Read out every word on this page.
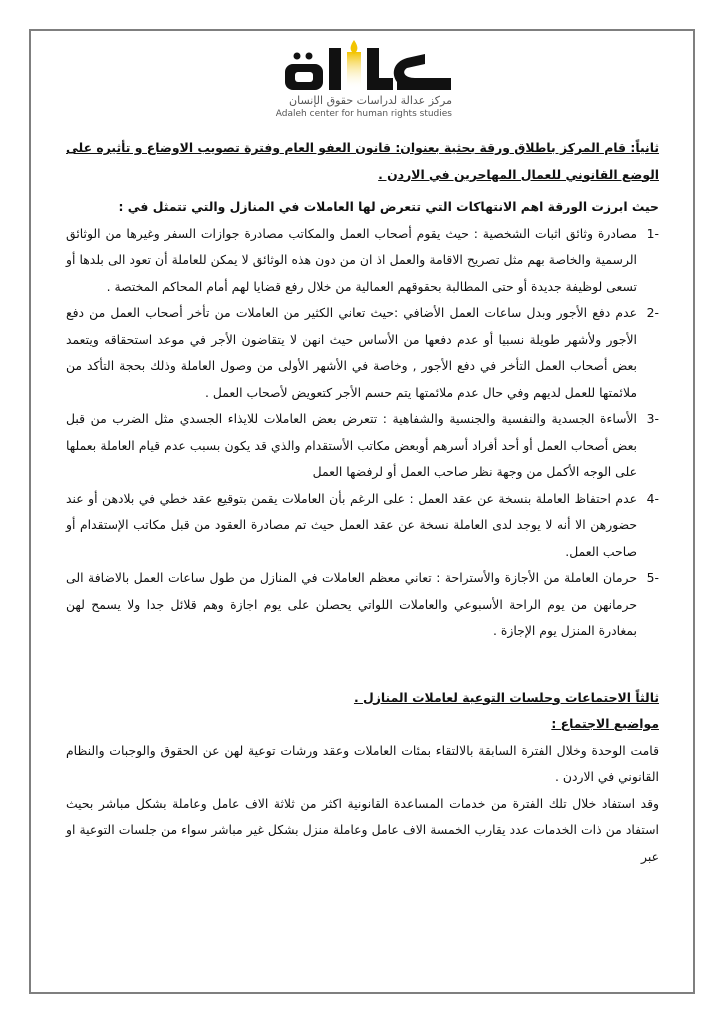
مركز عدالة لدراسات حقوق الإنسان
Adaleh center for human rights studies

ثانياً: قام المركز باطلاق ورقة بحثية بعنوان: قانون العفو العام وفترة تصويب الاوضاع و تأثيره على الوضع القانوني للعمال المهاجرين في الاردن .

حيث ابرزت الورقة اهم الانتهاكات التي تتعرض لها العاملات في المنازل والتي تتمثل في :

-1
مصادرة وثائق اثبات الشخصية : حيث يقوم أصحاب العمل والمكاتب مصادرة جوازات السفر وغيرها من الوثائق الرسمية والخاصة بهم مثل تصريح الاقامة والعمل اذ ان من دون هذه الوثائق لا يمكن للعاملة أن تعود الى بلدها أو تسعى لوظيفة جديدة أو حتى المطالبة بحقوقهم العمالية من خلال رفع قضايا لهم أمام المحاكم المختصة .
-2
عدم دفع الأجور وبدل ساعات العمل الأضافي :حيث تعاني الكثير من العاملات من تأخر أصحاب العمل من دفع الأجور ولأشهر طويلة نسبيا أو عدم دفعها من الأساس حيث انهن لا يتقاضون الأجر في موعد استحقاقه ويتعمد بعض أصحاب العمل التأخر في دفع الأجور , وخاصة في الأشهر الأولى من وصول العاملة وذلك بحجة التأكد من ملائمتها للعمل لديهم وفي حال عدم ملائمتها يتم حسم الأجر كتعويض لأصحاب العمل .
-3
الأساءة الجسدية والنفسية والجنسية والشفاهية : تتعرض بعض العاملات للايذاء الجسدي مثل الضرب من قبل بعض أصحاب العمل أو أحد أفراد أسرهم أوبعض مكاتب الأستقدام والذي قد يكون بسبب عدم قيام العاملة بعملها على الوجه الأكمل من وجهة نظر صاحب العمل أو لرفضها العمل
-4
عدم احتفاظ العاملة بنسخة عن عقد العمل : على الرغم بأن العاملات يقمن بتوقيع عقد خطي في بلادهن أو عند حضورهن الا أنه لا يوجد لدى العاملة نسخة عن عقد العمل حيث تم مصادرة العقود من قبل مكاتب الإستقدام أو صاحب العمل.
-5
حرمان العاملة من الأجازة والأستراحة : تعاني معظم العاملات في المنازل من طول ساعات العمل بالاضافة الى حرمانهن من يوم الراحة الأسبوعي والعاملات اللواتي يحصلن على يوم اجازة وهم قلائل جدا ولا يسمح لهن بمغادرة المنزل يوم الإجازة .

ثالثاً الاجتماعات وجلسات التوعية لعاملات المنازل .

مواضيع الاجتماع :

قامت الوحدة وخلال الفترة السابقة بالالتقاء بمئات العاملات وعقد ورشات توعية لهن عن الحقوق والوجبات والنظام القانوني في الاردن .

وقد استفاد خلال تلك الفترة من خدمات المساعدة القانونية اكثر من ثلاثة الاف عامل وعاملة بشكل مباشر بحيث استفاد من ذات الخدمات عدد يقارب الخمسة الاف عامل وعاملة منزل بشكل غير مباشر سواء من جلسات التوعية او عبر
